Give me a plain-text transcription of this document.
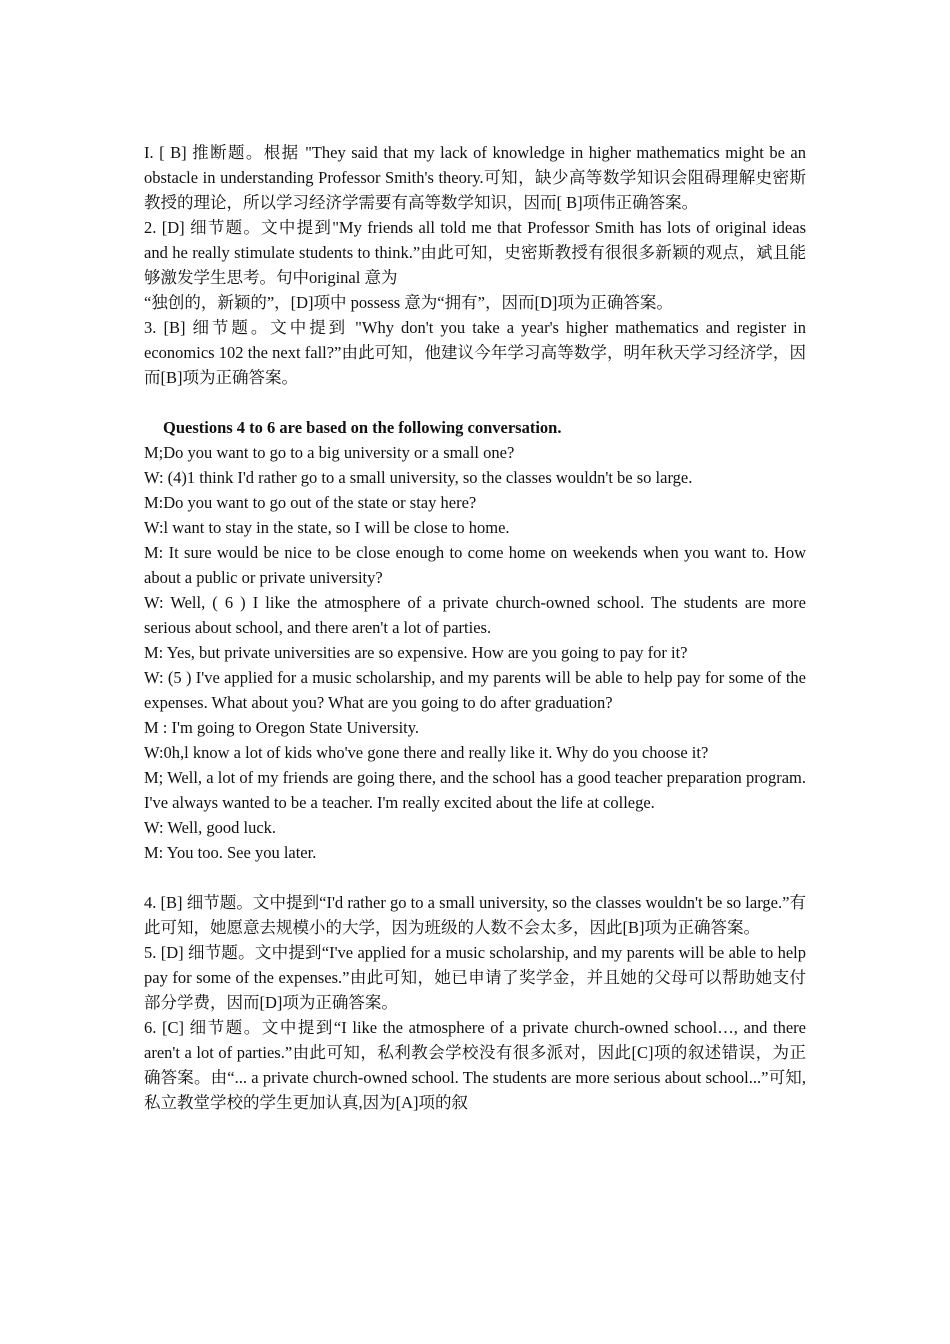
I. [ B] 推断题。根据 "They said that my lack of knowledge in higher mathematics might be an obstacle in understanding Professor Smith's theory.可知，缺少高等数学知识会阻碍理解史密斯教授的理论，所以学习经济学需要有高等数学知识，因而[ B]项伟正确答案。

2. [D] 细节题。文中提到"My friends all told me that Professor Smith has lots of original ideas and he really stimulate students to think.”由此可知，史密斯教授有很很多新颖的观点，斌且能够激发学生思考。句中original 意为

“独创的，新颖的”，[D]项中 possess 意为“拥有”，因而[D]项为正确答案。

3. [B] 细节题。文中提到 "Why don't you take a year's higher mathematics and register in economics 102 the next fall?”由此可知，他建议今年学习高等数学，明年秋天学习经济学，因而[B]项为正确答案。

Questions 4 to 6 are based on the following conversation.

M;Do you want to go to a big university or a small one?

W: (4)1 think I'd rather go to a small university, so the classes wouldn't be so large.

M:Do you want to go out of the state or stay here?

W:l want to stay in the state, so I will be close to home.

M: It sure would be nice to be close enough to come home on weekends when you want to. How about a public or private university?

W: Well, ( 6 ) I like the atmosphere of a private church-owned school. The students are more serious about school, and there aren't a lot of parties.

M: Yes, but private universities are so expensive. How are you going to pay for it?

W: (5 ) I've applied for a music scholarship, and my parents will be able to help pay for some of the expenses. What about you? What are you going to do after graduation?

M : I'm going to Oregon State University.

W:0h,l know a lot of kids who've gone there and really like it. Why do you choose it?

M; Well, a lot of my friends are going there, and the school has a good teacher preparation program. I've always wanted to be a teacher. I'm really excited about the life at college.

W: Well, good luck.

M: You too. See you later.

4. [B] 细节题。文中提到“I'd rather go to a small university, so the classes wouldn't be so large.”有此可知，她愿意去规模小的大学，因为班级的人数不会太多，因此[B]项为正确答案。

5. [D] 细节题。文中提到“I've applied for a music scholarship, and my parents will be able to help pay for some of the expenses.”由此可知，她已申请了奖学金，并且她的父母可以帮助她支付部分学费，因而[D]项为正确答案。

6. [C] 细节题。文中提到“I like the atmosphere of a private church-owned school…, and there aren't a lot of parties.”由此可知，私利教会学校没有很多派对，因此[C]项的叙述错误，为正确答案。由“... a private church-owned school. The students are more serious about school...”可知,私立教堂学校的学生更加认真,因为[A]项的叙
